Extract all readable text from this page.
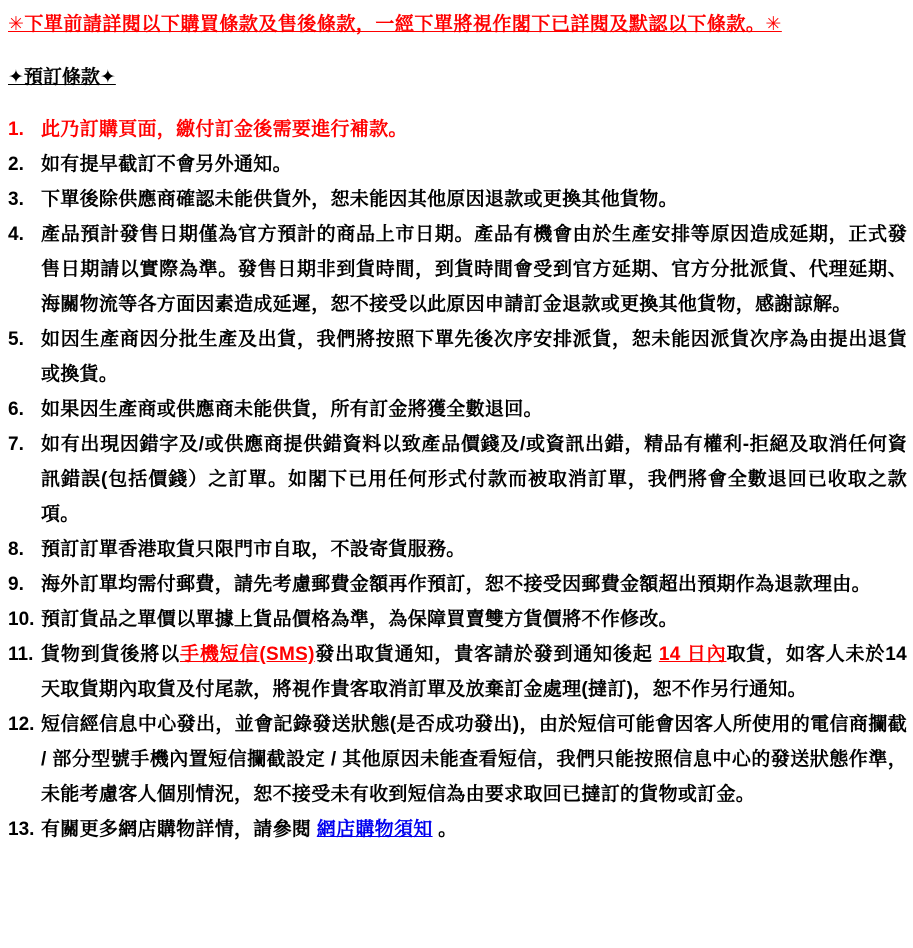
✳下單前請詳閱以下購買條款及售後條款，一經下單將視作閣下已詳閱及默認以下條款。✳
✦預訂條款✦
1. 此乃訂購頁面，繳付訂金後需要進行補款。
2. 如有提早截訂不會另外通知。
3. 下單後除供應商確認未能供貨外，恕未能因其他原因退款或更換其他貨物。
4. 產品預計發售日期僅為官方預計的商品上市日期。產品有機會由於生產安排等原因造成延期，正式發售日期請以實際為準。發售日期非到貨時間，到貨時間會受到官方延期、官方分批派貨、代理延期、海關物流等各方面因素造成延遲，恕不接受以此原因申請訂金退款或更換其他貨物，感謝諒解。
5. 如因生產商因分批生產及出貨，我們將按照下單先後次序安排派貨，恕未能因派貨次序為由提出退貨或換貨。
6. 如果因生產商或供應商未能供貨，所有訂金將獲全數退回。
7. 如有出現因錯字及/或供應商提供錯資料以致產品價錢及/或資訊出錯，精品有權利-拒絕及取消任何資訊錯誤(包括價錢）之訂單。如閣下已用任何形式付款而被取消訂單，我們將會全數退回已收取之款項。
8. 預訂訂單香港取貨只限門市自取，不設寄貨服務。
9. 海外訂單均需付郵費，請先考慮郵費金額再作預訂，恕不接受因郵費金額超出預期作為退款理由。
10. 預訂貨品之單價以單據上貨品價格為準，為保障買賣雙方貨價將不作修改。
11. 貨物到貨後將以手機短信(SMS)發出取貨通知，貴客請於發到通知後起 14 日內取貨，如客人未於14 天取貨期內取貨及付尾款，將視作貴客取消訂單及放棄訂金處理(撻訂)，恕不作另行通知。
12. 短信經信息中心發出，並會記錄發送狀態(是否成功發出)，由於短信可能會因客人所使用的電信商攔截 / 部分型號手機內置短信攔截設定 / 其他原因未能查看短信，我們只能按照信息中心的發送狀態作準，未能考慮客人個別情況，恕不接受未有收到短信為由要求取回已撻訂的貨物或訂金。
13. 有關更多網店購物詳情，請參閱 網店購物須知 。
